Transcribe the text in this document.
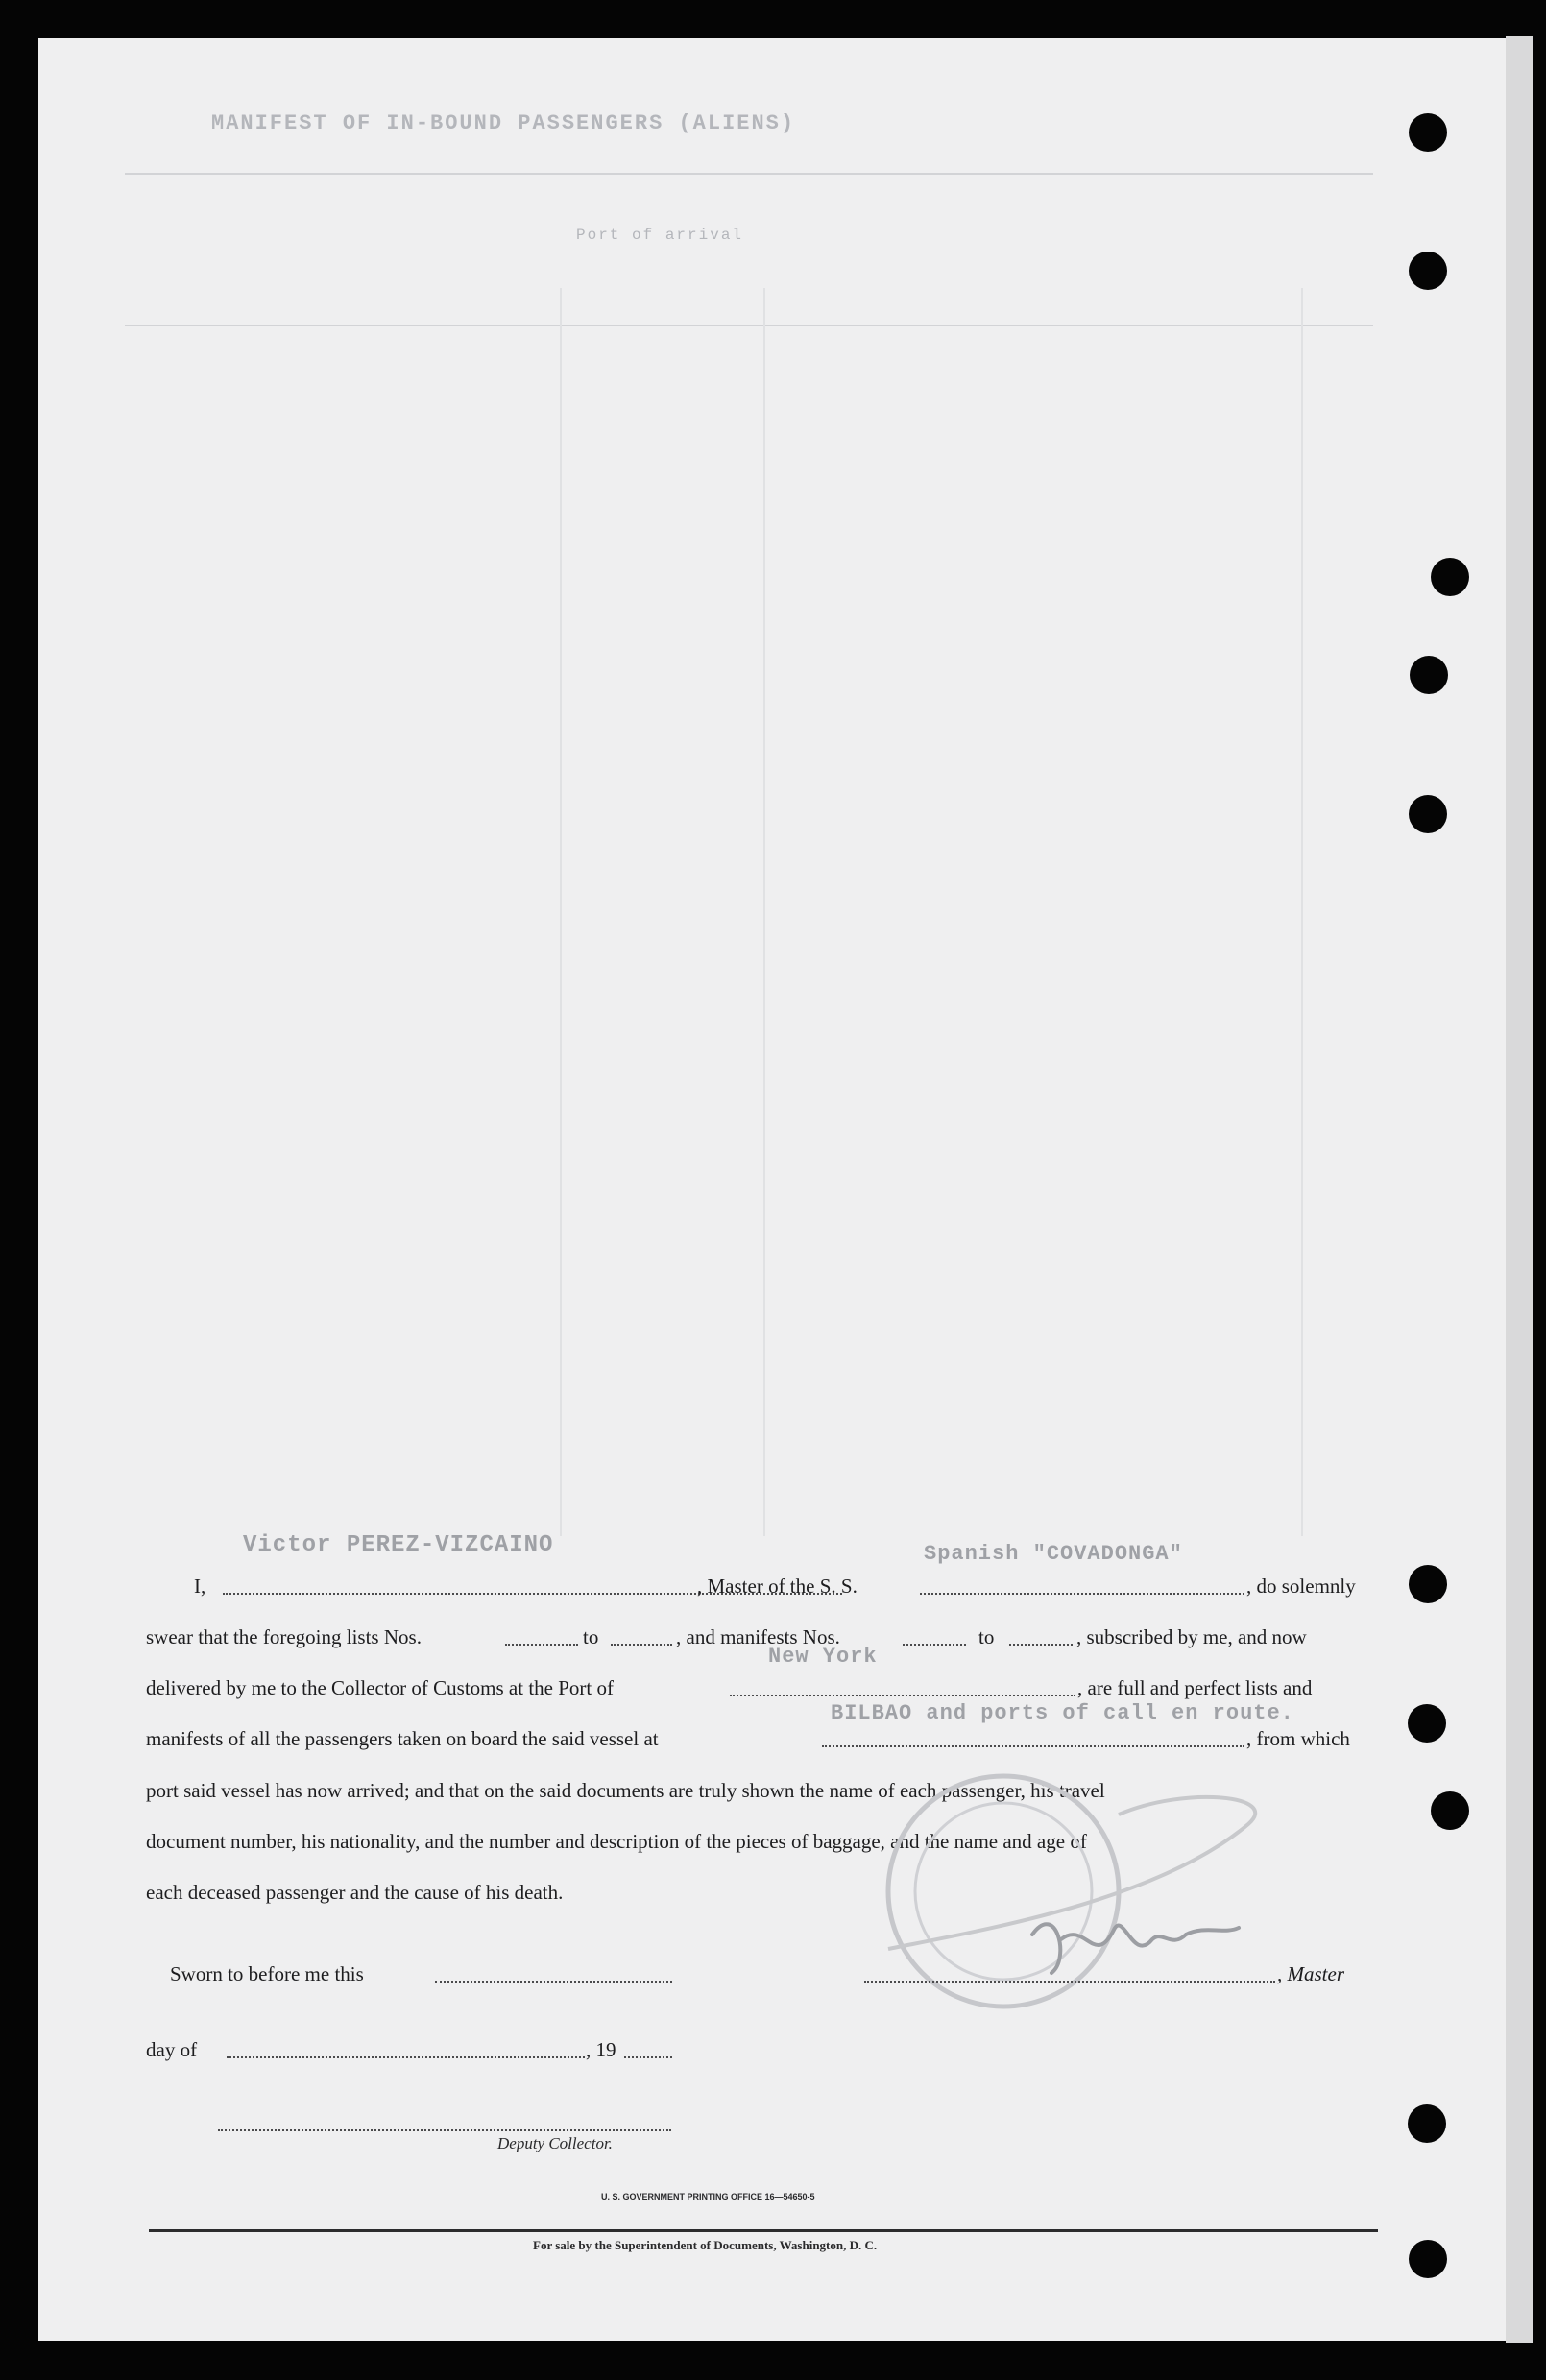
MANIFEST OF IN-BOUND PASSENGERS (ALIENS)
Port of arrival
Victor PEREZ-VIZCAINO	Spanish "COVADONGA"
New York
BILBAO and ports of call en route.
I,	, Master of the S. S.	, do solemnly
swear that the foregoing lists Nos.	to	, and manifests Nos.	to	, subscribed by me, and now
delivered by me to the Collector of Customs at the Port of	, are full and perfect lists and
manifests of all the passengers taken on board the said vessel at	, from which
port said vessel has now arrived; and that on the said documents are truly shown the name of each passenger, his travel
document number, his nationality, and the number and description of the pieces of baggage, and the name and age of
each deceased passenger and the cause of his death.
Sworn to before me this	, Master
day of	, 19
Deputy Collector.
U. S. GOVERNMENT PRINTING OFFICE 16—54650-5
For sale by the Superintendent of Documents, Washington, D. C.
